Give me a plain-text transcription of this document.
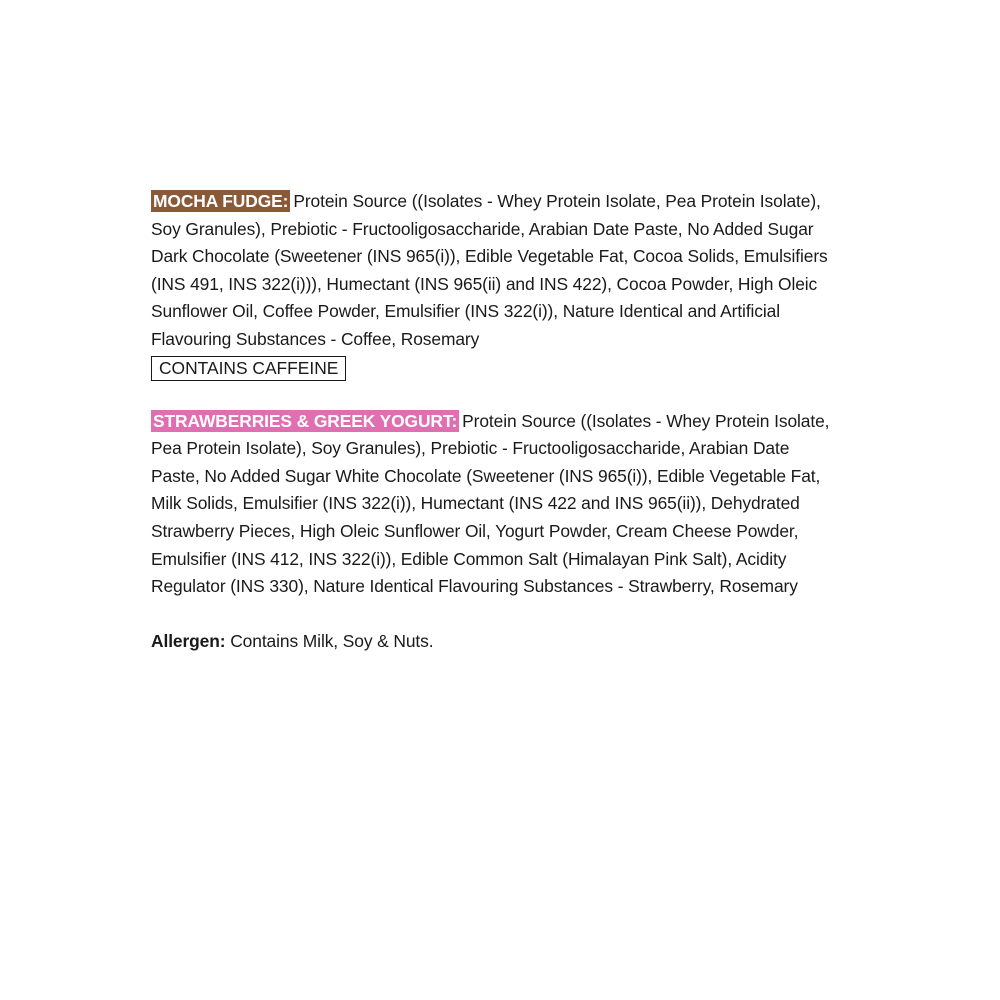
MOCHA FUDGE: Protein Source ((Isolates - Whey Protein Isolate, Pea Protein Isolate), Soy Granules), Prebiotic - Fructooligosaccharide, Arabian Date Paste, No Added Sugar Dark Chocolate (Sweetener (INS 965(i)), Edible Vegetable Fat, Cocoa Solids, Emulsifiers (INS 491, INS 322(i))), Humectant (INS 965(ii) and INS 422), Cocoa Powder, High Oleic Sunflower Oil, Coffee Powder, Emulsifier (INS 322(i)), Nature Identical and Artificial Flavouring Substances - Coffee, Rosemary

CONTAINS CAFFEINE

STRAWBERRIES & GREEK YOGURT: Protein Source ((Isolates - Whey Protein Isolate, Pea Protein Isolate), Soy Granules), Prebiotic - Fructooligosaccharide, Arabian Date Paste, No Added Sugar White Chocolate (Sweetener (INS 965(i)), Edible Vegetable Fat, Milk Solids, Emulsifier (INS 322(i)), Humectant (INS 422 and INS 965(ii)), Dehydrated Strawberry Pieces, High Oleic Sunflower Oil, Yogurt Powder, Cream Cheese Powder, Emulsifier (INS 412, INS 322(i)), Edible Common Salt (Himalayan Pink Salt), Acidity Regulator (INS 330), Nature Identical Flavouring Substances - Strawberry, Rosemary

Allergen: Contains Milk, Soy & Nuts.
